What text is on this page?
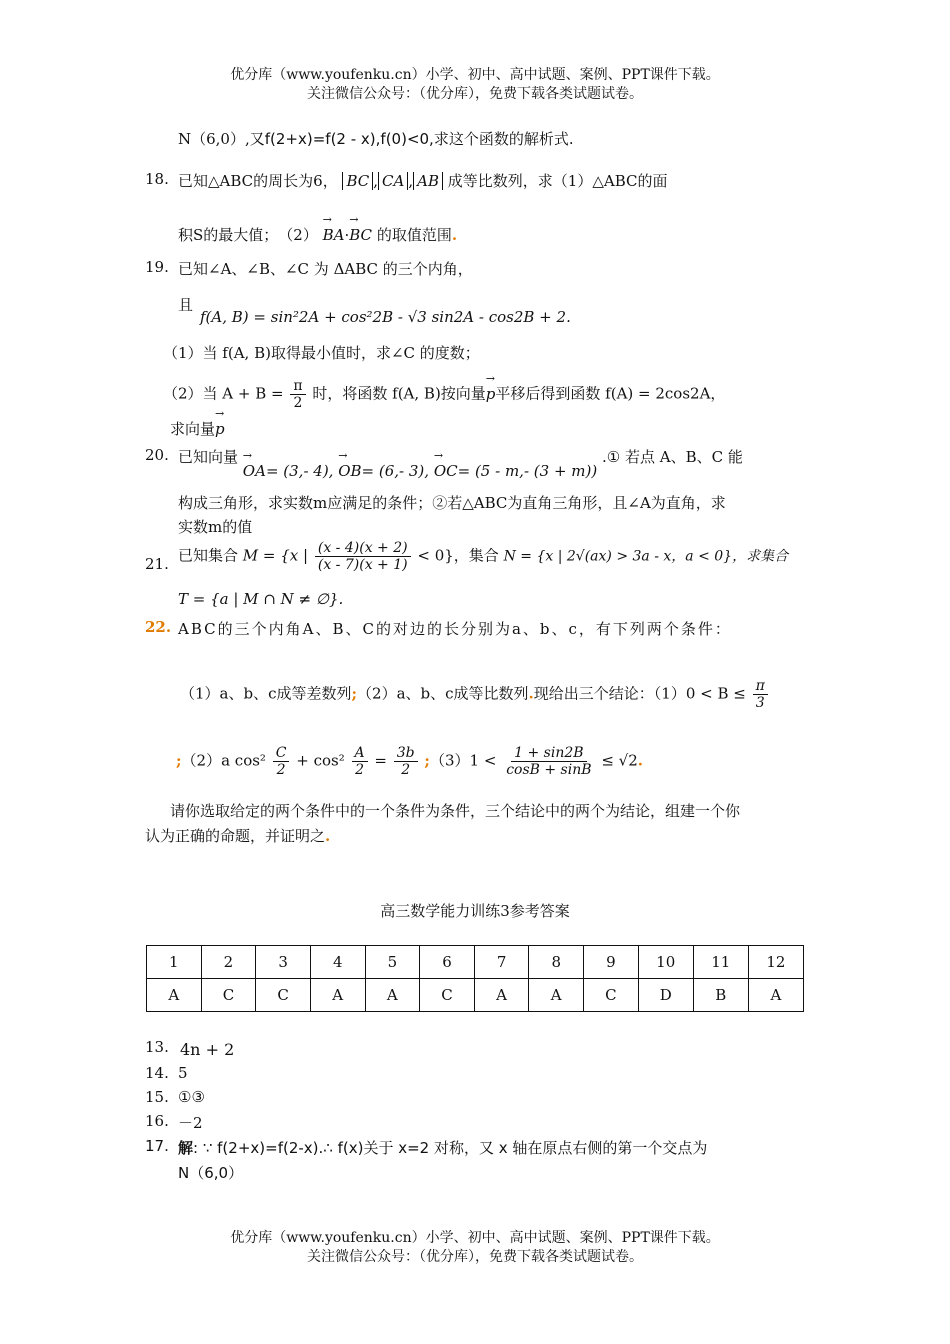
优分库（www.youfenku.cn）小学、初中、高中试题、案例、PPT课件下载。
关注微信公众号：（优分库），免费下载各类试题试卷。
N（6,0）,又f(2+x)=f(2 - x),f(0)<0,求这个函数的解析式.
18. 已知△ABC的周长为6， BC , CA , AB 成等比数列，求（1）△ABC的面
积S的最大值；　（2） → BA·→ BC 的取值范围.
19. 已知∠A、∠B、∠C 为 ΔABC 的三个内角，
且
f(A, B) = sin²2A + cos²2B - √3 sin2A - cos2B + 2.
（1）当 f(A, B)取得最小值时，求∠C 的度数；
（2）当 $A + B = \frac{\pi}{2}$ 时，将函数 f(A, B)按向量→ p平移后得到函数 f(A) = 2cos2A，
求向量→ p
20. 已知向量 → OA= (3,- 4), → OB= (6,- 3), → OC= (5 - m,- (3 + m)) .① 若点 A、B、C 能
构成三角形，求实数m应满足的条件；②若△ABC为直角三角形，且∠A为直角，求
实数m的值
21. 已知集合 M = {x | $\frac{(x - 4)(x + 2)}{(x - 7)(x + 1)} < 0$}，集合 N = {x | 2√(ax) > 3a - x，a < 0}，求集合
T = {a | M ∩ N ≠ ∅}.
22. ABC的三个内角A、B、C的对边的长分别为a、b、c，有下列两个条件：
（1）a、b、c成等差数列;（2）a、b、c成等比数列.现给出三个结论：$(1)0 < B \le \frac{\pi}{3}$
;（2）a $\cos^2 \frac{C}{2} + \cos^2 \frac{A}{2} = \frac{3b}{2}$ ;（3）1 < $\frac{1 + \sin 2B}{\cos B + \sin B} \le √2$.
请你选取给定的两个条件中的一个条件为条件，三个结论中的两个为结论，组建一个你
认为正确的命题，并证明之.
高三数学能力训练3参考答案
1	2	3	4	5	6	7	8	9	10	11	12
A	C	C	A	A	C	A	A	C	D	B	A
13. 4n + 2
14. 5
15. ①③
16. －2
17. 解: ∵ f(2+x)=f(2-x).∴ f(x)关于 x=2 对称，又 x 轴在原点右侧的第一个交点为
N（6,0）
优分库（www.youfenku.cn）小学、初中、高中试题、案例、PPT课件下载。
关注微信公众号：（优分库），免费下载各类试题试卷。
